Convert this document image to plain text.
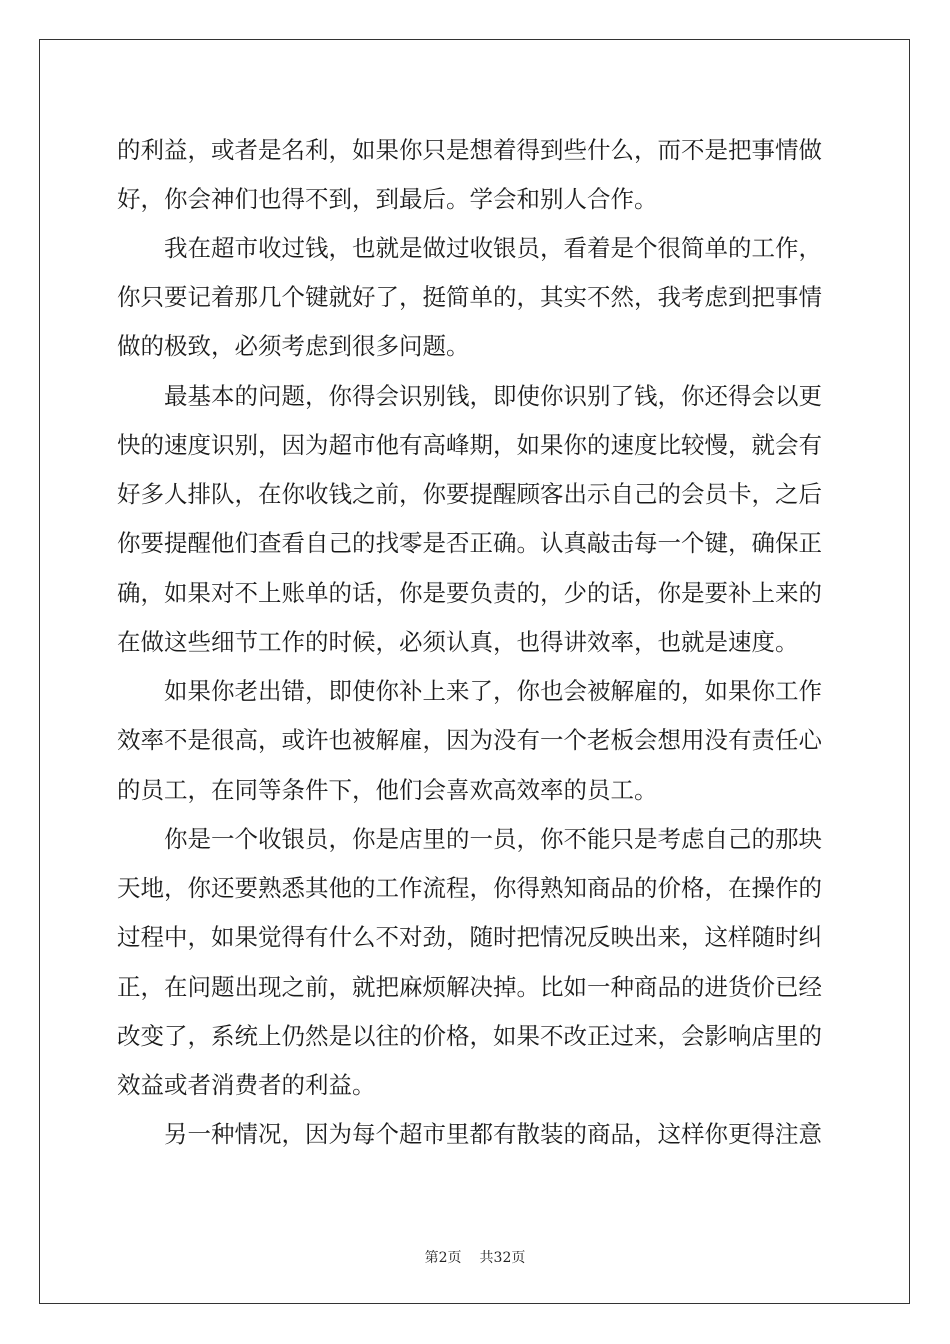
的利益，或者是名利，如果你只是想着得到些什么，而不是把事情做
好，你会神们也得不到，到最后。学会和别人合作。
我在超市收过钱，也就是做过收银员，看着是个很简单的工作，
你只要记着那几个键就好了，挺简单的，其实不然，我考虑到把事情
做的极致，必须考虑到很多问题。
最基本的问题，你得会识别钱，即使你识别了钱，你还得会以更
快的速度识别，因为超市他有高峰期，如果你的速度比较慢，就会有
好多人排队，在你收钱之前，你要提醒顾客出示自己的会员卡，之后
你要提醒他们查看自己的找零是否正确。认真敲击每一个键，确保正
确，如果对不上账单的话，你是要负责的，少的话，你是要补上来的
在做这些细节工作的时候，必须认真，也得讲效率，也就是速度。
如果你老出错，即使你补上来了，你也会被解雇的，如果你工作
效率不是很高，或许也被解雇，因为没有一个老板会想用没有责任心
的员工，在同等条件下，他们会喜欢高效率的员工。
你是一个收银员，你是店里的一员，你不能只是考虑自己的那块
天地，你还要熟悉其他的工作流程，你得熟知商品的价格，在操作的
过程中，如果觉得有什么不对劲，随时把情况反映出来，这样随时纠
正，在问题出现之前，就把麻烦解决掉。比如一种商品的进货价已经
改变了，系统上仍然是以往的价格，如果不改正过来，会影响店里的
效益或者消费者的利益。
另一种情况，因为每个超市里都有散装的商品，这样你更得注意
第2页 共32页
